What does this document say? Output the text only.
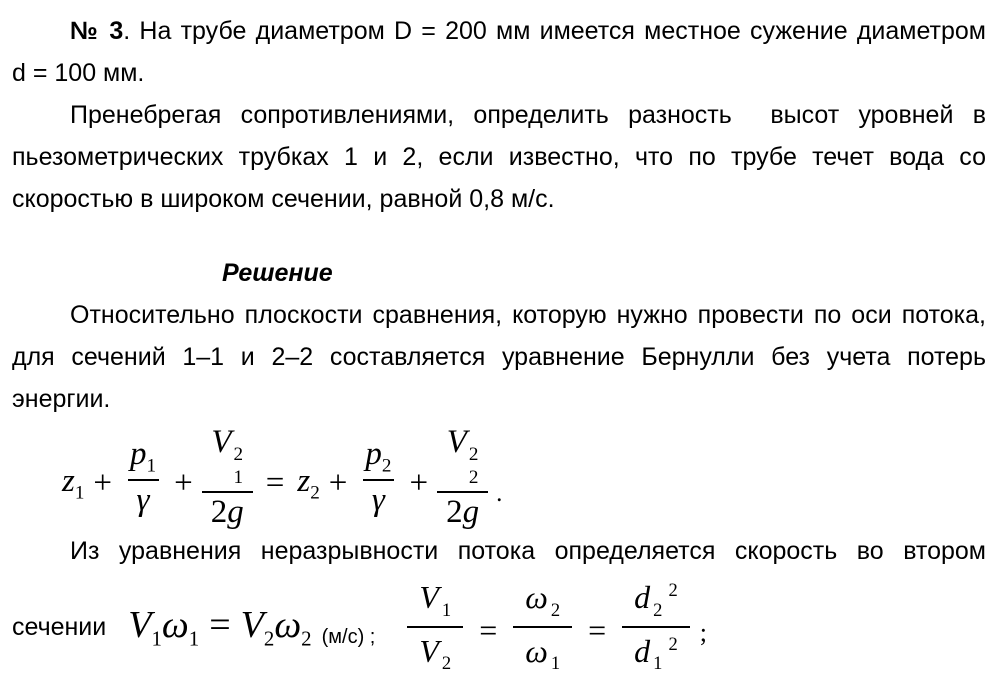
№ 3. На трубе диаметром D = 200 мм имеется местное сужение диаметром

d = 100 мм.

Пренебрегая сопротивлениями, определить разность  высот уровней в

пьезометрических трубках 1 и 2, если известно, что по трубе течет вода со

скоростью в широком сечении, равной 0,8 м/с.

Решение

Относительно плоскости сравнения, которую нужно провести по оси потока,

для сечений 1–1 и 2–2 составляется уравнение Бернулли без учета потерь

энергии.

$z_1 + \frac{p_1}{\gamma} + V$ 2
1
$2g = z_2 + \frac{p_2}{\gamma} + V$ 2
2
2g .

Из уравнения неразрывности потока определяется скорость во втором

сечении $V_1\omega_1 = V_2\omega_2$ (м/с) ; $\frac{V _1}{V _2} = \frac{\omega _2}{\omega _1} = \frac{d _2^2}{d _1^2}$ ;
